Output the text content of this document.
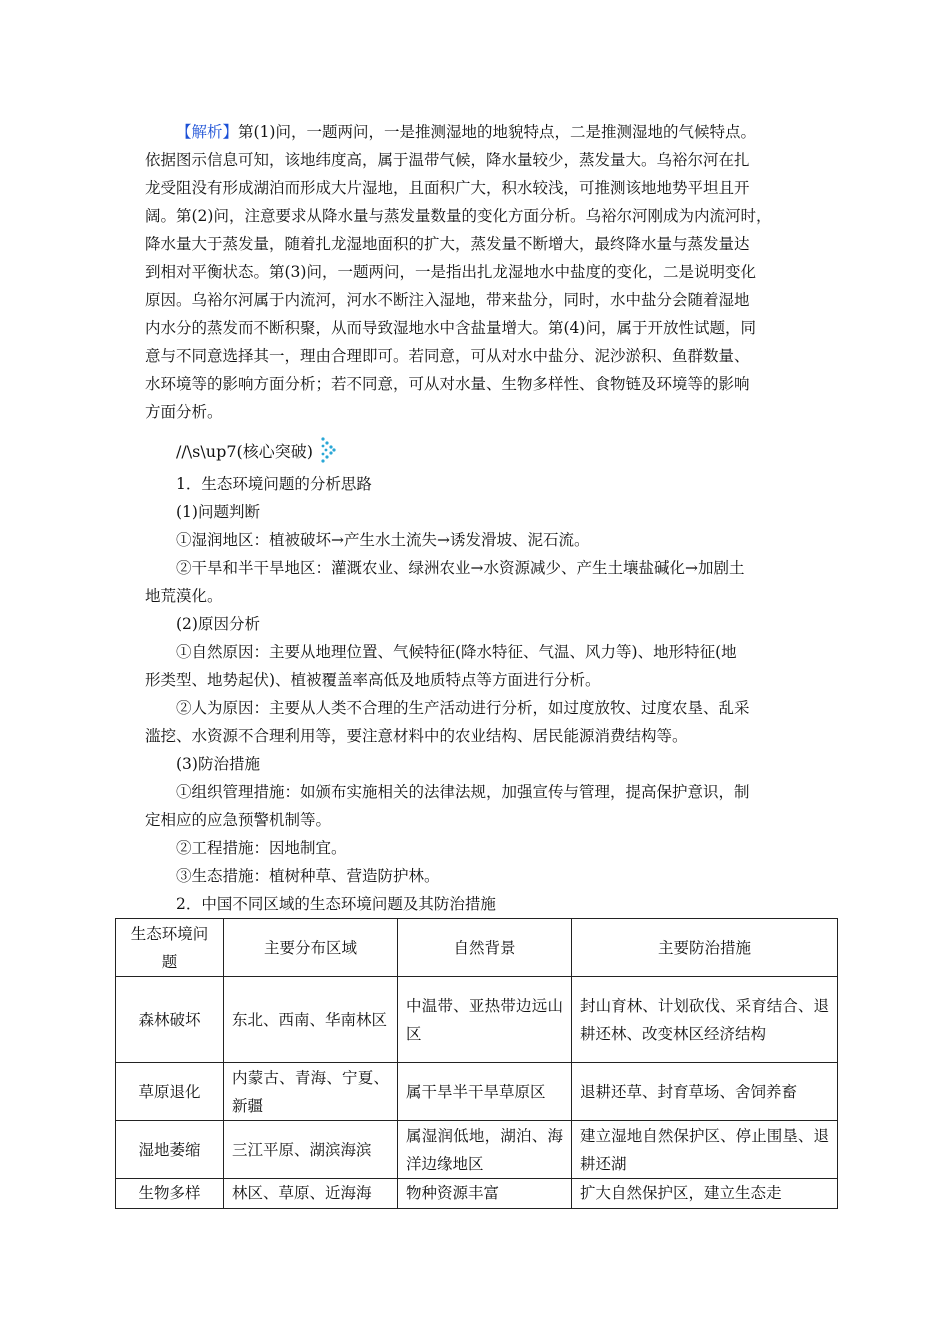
【解析】第(1)问，一题两问，一是推测湿地的地貌特点，二是推测湿地的气候特点。

依据图示信息可知，该地纬度高，属于温带气候，降水量较少，蒸发量大。乌裕尔河在扎

龙受阻没有形成湖泊而形成大片湿地，且面积广大，积水较浅，可推测该地地势平坦且开

阔。第(2)问，注意要求从降水量与蒸发量数量的变化方面分析。乌裕尔河刚成为内流河时，

降水量大于蒸发量，随着扎龙湿地面积的扩大，蒸发量不断增大，最终降水量与蒸发量达

到相对平衡状态。第(3)问，一题两问，一是指出扎龙湿地水中盐度的变化，二是说明变化

原因。乌裕尔河属于内流河，河水不断注入湿地，带来盐分，同时，水中盐分会随着湿地

内水分的蒸发而不断积聚，从而导致湿地水中含盐量增大。第(4)问，属于开放性试题，同

意与不同意选择其一，理由合理即可。若同意，可从对水中盐分、泥沙淤积、鱼群数量、

水环境等的影响方面分析；若不同意，可从对水量、生物多样性、食物链及环境等的影响

方面分析。

//\s\up7(核心突破)

1．生态环境问题的分析思路

(1)问题判断

①湿润地区：植被破坏→产生水土流失→诱发滑坡、泥石流。

②干旱和半干旱地区：灌溉农业、绿洲农业→水资源减少、产生土壤盐碱化→加剧土

地荒漠化。

(2)原因分析

①自然原因：主要从地理位置、气候特征(降水特征、气温、风力等)、地形特征(地

形类型、地势起伏)、植被覆盖率高低及地质特点等方面进行分析。

②人为原因：主要从人类不合理的生产活动进行分析，如过度放牧、过度农垦、乱采

滥挖、水资源不合理利用等，要注意材料中的农业结构、居民能源消费结构等。

(3)防治措施

①组织管理措施：如颁布实施相关的法律法规，加强宣传与管理，提高保护意识，制

定相应的应急预警机制等。

②工程措施：因地制宜。

③生态措施：植树种草、营造防护林。

2．中国不同区域的生态环境问题及其防治措施

生态环境问题	主要分布区域	自然背景	主要防治措施
森林破坏	东北、西南、华南林区	中温带、亚热带边远山区	封山育林、计划砍伐、采育结合、退耕还林、改变林区经济结构
草原退化	内蒙古、青海、宁夏、新疆	属干旱半干旱草原区	退耕还草、封育草场、舍饲养畜
湿地萎缩	三江平原、湖滨海滨	属湿润低地，湖泊、海洋边缘地区	建立湿地自然保护区、停止围垦、退耕还湖
生物多样	林区、草原、近海海	物种资源丰富	扩大自然保护区，建立生态走
